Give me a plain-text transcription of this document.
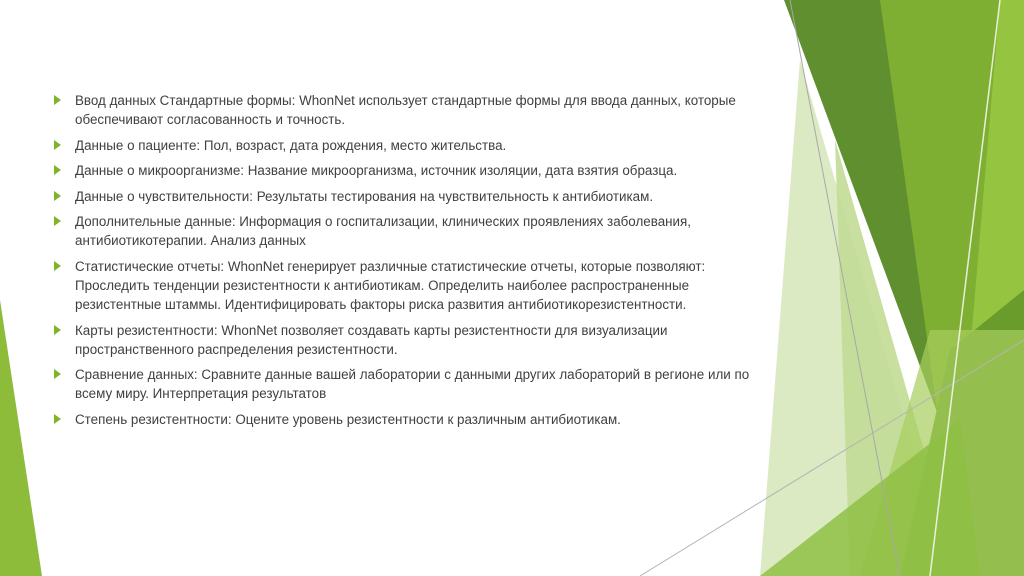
Ввод данных Стандартные формы: WhonNet использует стандартные формы для ввода данных, которые обеспечивают согласованность и точность.
Данные о пациенте: Пол, возраст, дата рождения, место жительства.
Данные о микроорганизме: Название микроорганизма, источник изоляции, дата взятия образца.
Данные о чувствительности: Результаты тестирования на чувствительность к антибиотикам.
Дополнительные данные: Информация о госпитализации, клинических проявлениях заболевания, антибиотикотерапии. Анализ данных
Статистические отчеты: WhonNet генерирует различные статистические отчеты, которые позволяют: Проследить тенденции резистентности к антибиотикам. Определить наиболее распространенные резистентные штаммы. Идентифицировать факторы риска развития антибиотикорезистентности.
Карты резистентности: WhonNet позволяет создавать карты резистентности для визуализации пространственного распределения резистентности.
Сравнение данных: Сравните данные вашей лаборатории с данными других лабораторий в регионе или по всему миру. Интерпретация результатов
Степень резистентности: Оцените уровень резистентности к различным антибиотикам.
